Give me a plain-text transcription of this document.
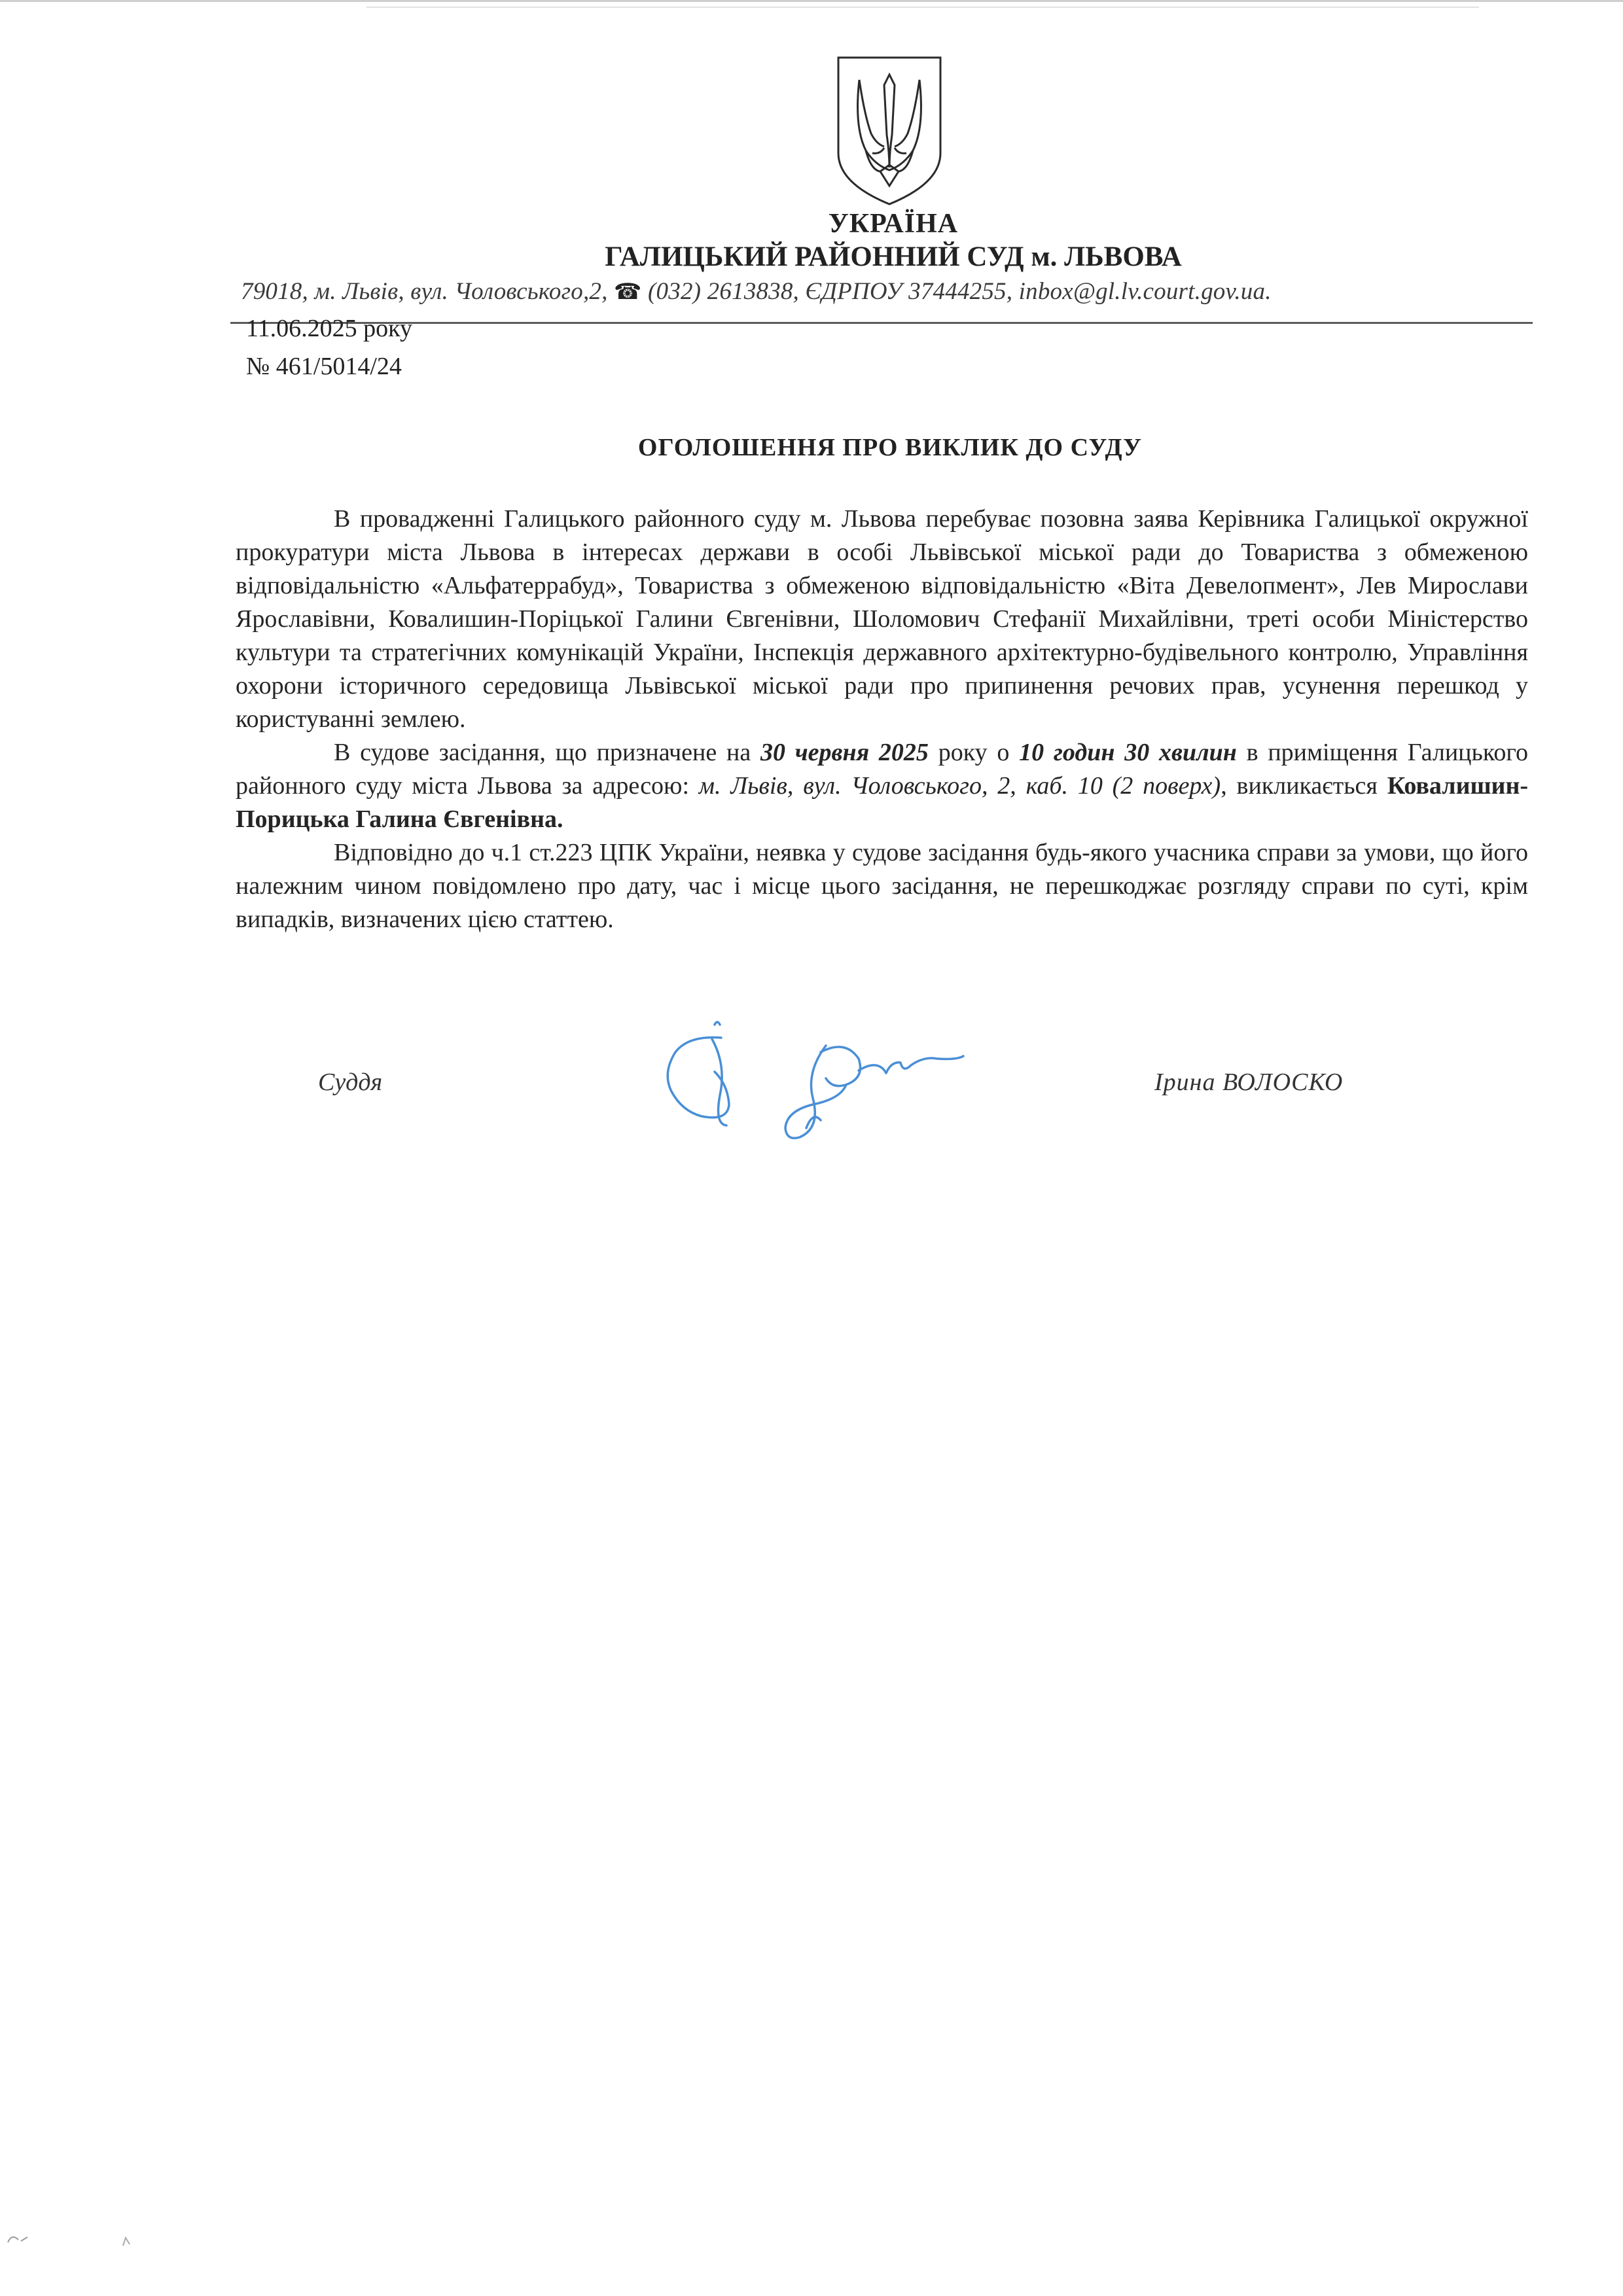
УКРАЇНА
ГАЛИЦЬКИЙ РАЙОННИЙ СУД м. ЛЬВОВА
79018, м. Львів, вул. Чоловського,2, ☎ (032) 2613838, ЄДРПОУ 37444255, inbox@gl.lv.court.gov.ua.
11.06.2025 року
№ 461/5014/24
ОГОЛОШЕННЯ ПРО ВИКЛИК ДО СУДУ

В провадженні Галицького районного суду м. Львова перебуває позовна заява Керівника Галицької окружної прокуратури міста Львова в інтересах держави в особі Львівської міської ради до Товариства з обмеженою відповідальністю «Альфатеррабуд», Товариства з обмеженою відповідальністю «Віта Девелопмент», Лев Мирослави Ярославівни, Ковалишин-Поріцької Галини Євгенівни, Шоломович Стефанії Михайлівни, треті особи Міністерство культури та стратегічних комунікацій України, Інспекція державного архітектурно-будівельного контролю, Управління охорони історичного середовища Львівської міської ради про припинення речових прав, усунення перешкод у користуванні землею.

В судове засідання, що призначене на 30 червня 2025 року о 10 годин 30 хвилин в приміщення Галицького районного суду міста Львова за адресою: м. Львів, вул. Чоловського, 2, каб. 10 (2 поверх), викликається Ковалишин-Порицька Галина Євгенівна.

Відповідно до ч.1 ст.223 ЦПК України, неявка у судове засідання будь-якого учасника справи за умови, що його належним чином повідомлено про дату, час і місце цього засідання, не перешкоджає розгляду справи по суті, крім випадків, визначених цією статтею.

Суддя	Ірина ВОЛОСКО
